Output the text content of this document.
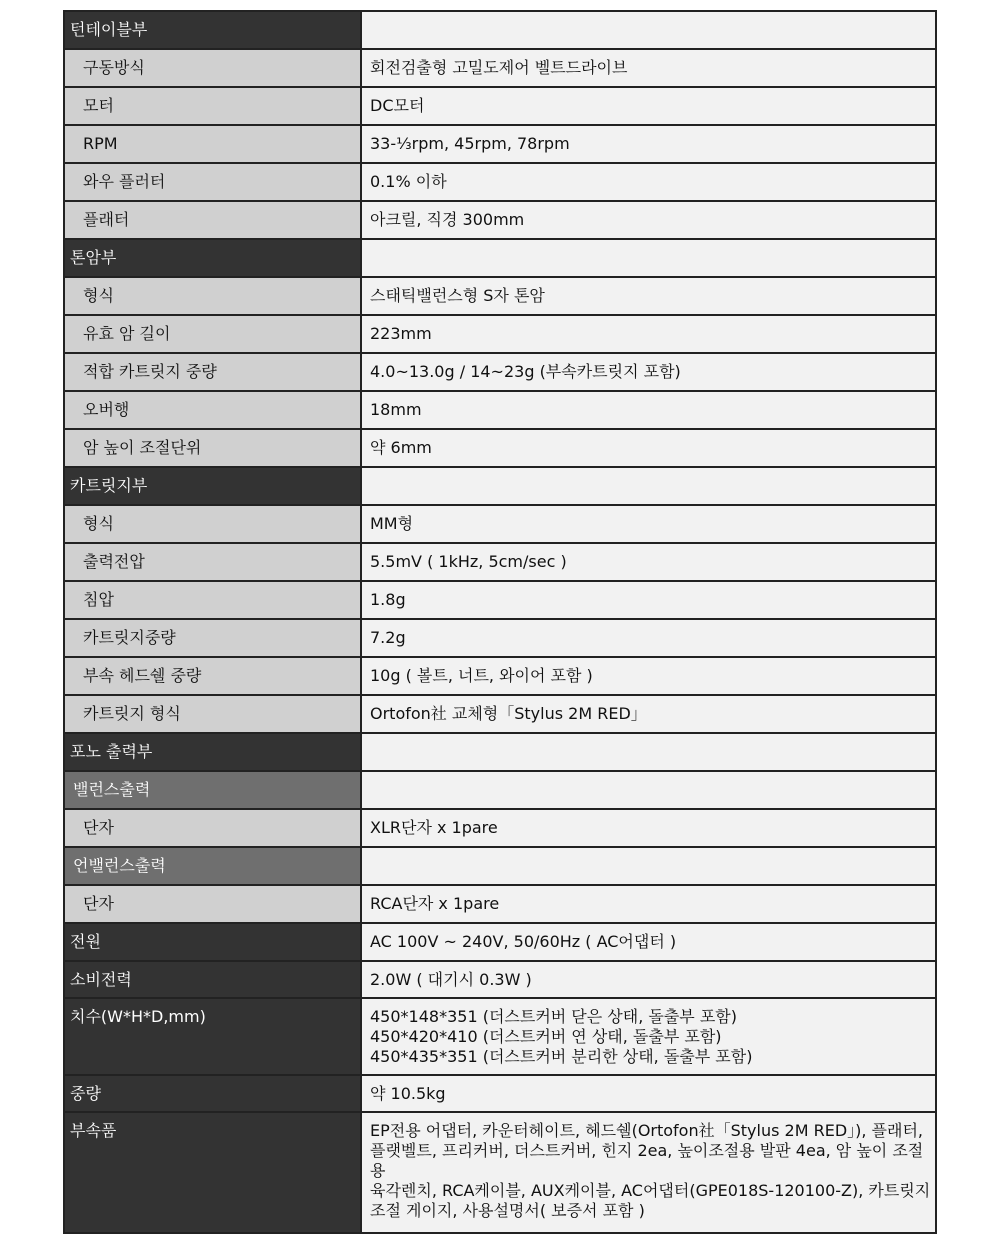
턴테이블부
구동방식	회전검출형 고밀도제어 벨트드라이브
모터	DC모터
RPM	33-⅓rpm, 45rpm, 78rpm
와우 플러터	0.1% 이하
플래터	아크릴, 직경 300mm
톤암부
형식	스태틱밸런스형 S자 톤암
유효 암 길이	223mm
적합 카트릿지 중량	4.0~13.0g / 14~23g (부속카트릿지 포함)
오버행	18mm
암 높이 조절단위	약 6mm
카트릿지부
형식	MM형
출력전압	5.5mV ( 1kHz, 5cm/sec )
침압	1.8g
카트릿지중량	7.2g
부속 헤드쉘 중량	10g ( 볼트, 너트, 와이어 포함 )
카트릿지 형식	Ortofon社 교체형「Stylus 2M RED」
포노 출력부
밸런스출력
단자	XLR단자 x 1pare
언밸런스출력
단자	RCA단자 x 1pare
전원	AC 100V ~ 240V, 50/60Hz ( AC어댑터 )
소비전력	2.0W ( 대기시 0.3W )
치수(W*H*D,mm)	450*148*351 (더스트커버 닫은 상태, 돌출부 포함)
450*420*410 (더스트커버 연 상태, 돌출부 포함)
450*435*351 (더스트커버 분리한 상태, 돌출부 포함)
중량	약 10.5kg
부속품	EP전용 어댑터, 카운터헤이트, 헤드쉘(Ortofon社「Stylus 2M RED」), 플래터,
플랫벨트, 프리커버, 더스트커버, 힌지 2ea, 높이조절용 발판 4ea, 암 높이 조절용
육각렌치, RCA케이블, AUX케이블, AC어댑터(GPE018S-120100-Z), 카트릿지
조절 게이지, 사용설명서( 보증서 포함 )
